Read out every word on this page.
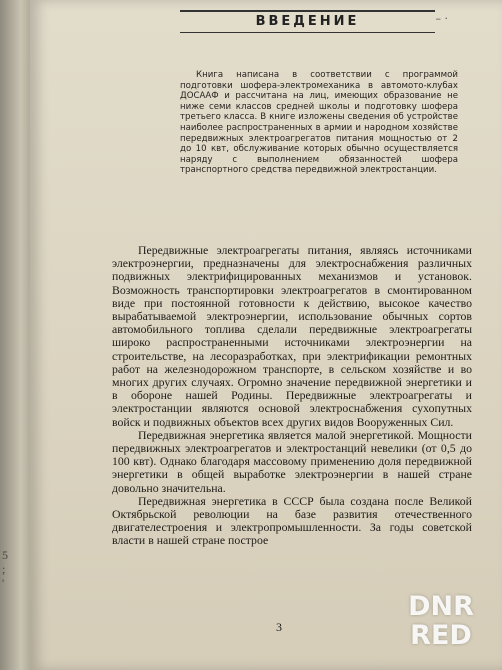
5
;
'
ВВЕДЕНИЕ	– ·
Книга написана в соответствии с программой подготовки шофера-электромеханика в автомото-клубах ДОСААФ и рассчитана на лиц, имеющих образование не ниже семи классов средней школы и подготовку шофера третьего класса. В книге изложены сведения об устройстве наиболее распространенных в армии и народном хозяйстве передвижных электроагрегатов питания мощностью от 2 до 10 квт, обслуживание которых обычно осуществляется наряду с выполнением обязанностей шофера транспортного средства передвижной электростанции.

Передвижные электроагрегаты питания, являясь источниками электроэнергии, предназначены для электроснабжения различных подвижных электрифицированных механизмов и установок. Возможность транспортировки электроагрегатов в смонтированном виде при постоянной готовности к действию, высокое качество вырабатываемой электроэнергии, использование обычных сортов автомобильного топлива сделали передвижные электроагрегаты широко распространенными источниками электроэнергии на строительстве, на лесоразработках, при электрификации ремонтных работ на железнодорожном транспорте, в сельском хозяйстве и во многих других случаях. Огромно значение передвижной энергетики и в обороне нашей Родины. Передвижные электроагрегаты и электростанции являются основой электроснабжения сухопутных войск и подвижных объектов всех других видов Вооруженных Сил.

Передвижная энергетика является малой энергетикой. Мощности передвижных электроагрегатов и электростанций невелики (от 0,5 до 100 квт). Однако благодаря массовому применению доля передвижной энергетики в общей выработке электроэнергии в нашей стране довольно значительна.

Передвижная энергетика в СССР была создана после Великой Октябрьской революции на базе развития отечественного двигателестроения и электропромышленности. За годы советской власти в нашей стране построе

3
DNR
RED
